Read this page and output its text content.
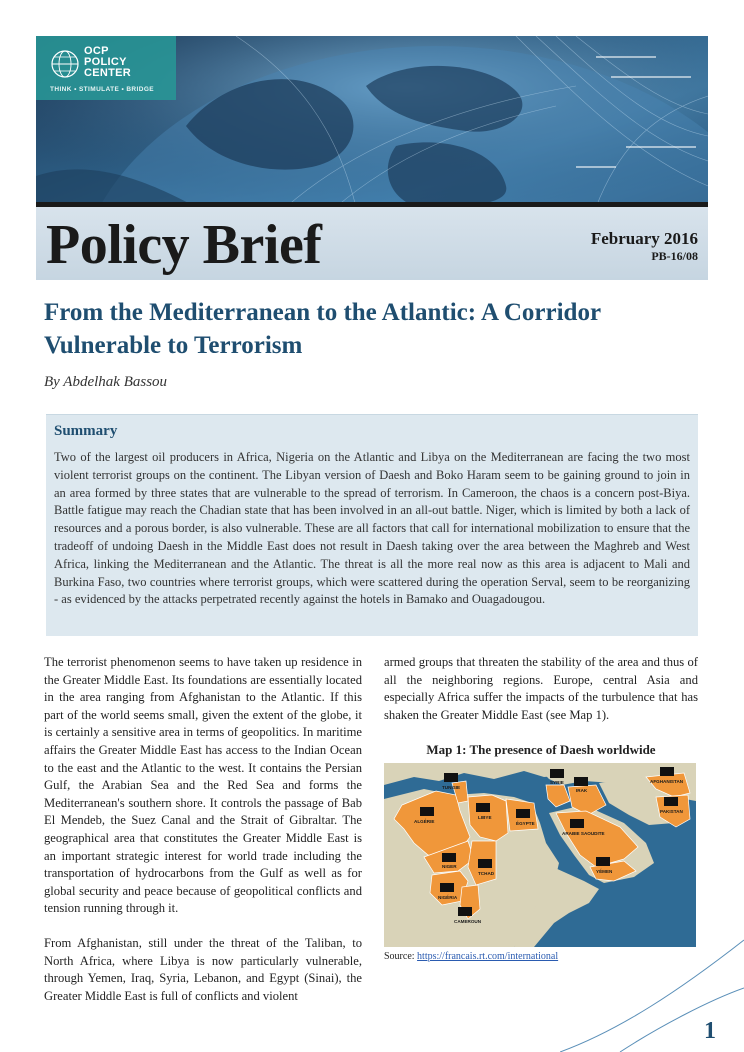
OCP
POLICY
CENTER
THINK • STIMULATE • BRIDGE
Policy Brief	February 2016
PB-16/08
From the Mediterranean to the Atlantic: A Corridor Vulnerable to Terrorism
By Abdelhak Bassou
Summary

Two of the largest oil producers in Africa, Nigeria on the Atlantic and Libya on the Mediterranean are facing the two most violent terrorist groups on the continent. The Libyan version of Daesh and Boko Haram seem to be gaining ground to join in an area formed by three states that are vulnerable to the spread of terrorism. In Cameroon, the chaos is a concern post-Biya. Battle fatigue may reach the Chadian state that has been involved in an all-out battle. Niger, which is limited by both a lack of resources and a porous border, is also vulnerable. These are all factors that call for international mobilization to ensure that the tradeoff of undoing Daesh in the Middle East does not result in Daesh taking over the area between the Maghreb and West Africa, linking the Mediterranean and the Atlantic. The threat is all the more real now as this area is adjacent to Mali and Burkina Faso, two countries where terrorist groups, which were scattered during the operation Serval, seem to be reorganizing - as evidenced by the attacks perpetrated recently against the hotels in Bamako and Ouagadougou.

The terrorist phenomenon seems to have taken up residence in the Greater Middle East. Its foundations are essentially located in the area ranging from Afghanistan to the Atlantic. If this part of the world seems small, given the extent of the globe, it is certainly a sensitive area in terms of geopolitics. In maritime affairs the Greater Middle East has access to the Indian Ocean to the east and the Atlantic to the west. It contains the Persian Gulf, the Arabian Sea and the Red Sea and forms the Mediterranean's southern shore. It controls the passage of Bab El Mendeb, the Suez Canal and the Strait of Gibraltar. The geographical area that constitutes the Greater Middle East is an important strategic interest for world trade including the transportation of hydrocarbons from the Gulf as well as for global security and peace because of geopolitical conflicts and tension running through it.

From Afghanistan, still under the threat of the Taliban, to North Africa, where Libya is now particularly vulnerable, through Yemen, Iraq, Syria, Lebanon, and Egypt (Sinai), the Greater Middle East is full of conflicts and violent

armed groups that threaten the stability of the area and thus of all the neighboring regions. Europe, central Asia and especially Africa suffer the impacts of the turbulence that has shaken the Greater Middle East (see Map 1).

Map 1: The presence of Daesh worldwide
TUNISIE
ALGÉRIE
LIBYE
ÉGYPTE
SYRIE
IRAK
ARABIE SAOUDITE
YÉMEN
NIGER
TCHAD
NIGÉRIA
CAMEROUN
AFGHANISTAN
PAKISTAN
Source: https://francais.rt.com/international
1
